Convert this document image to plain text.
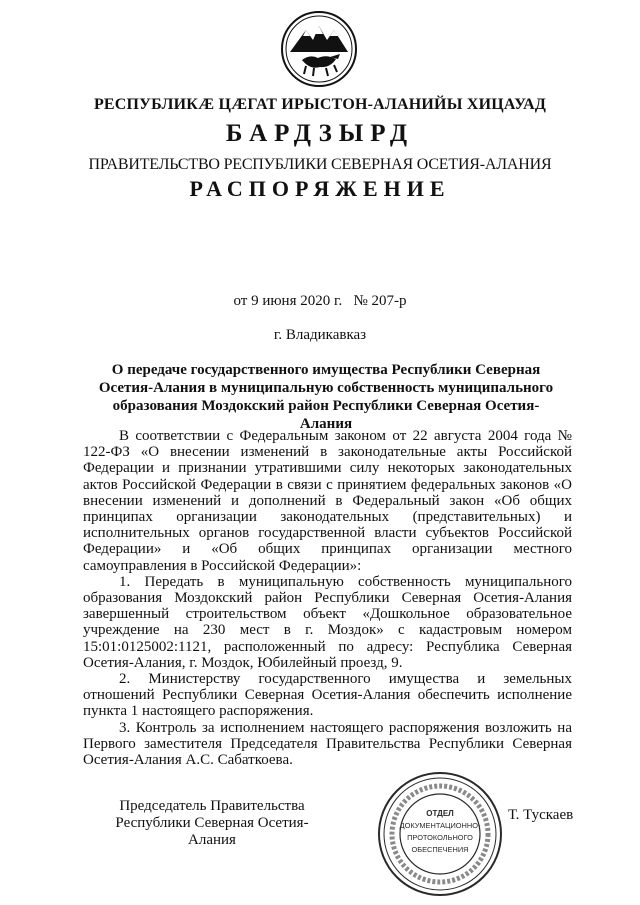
РЕСПУБЛИКӔ ЦӔГАТ ИРЫСТОН-АЛАНИЙЫ ХИЦАУАД
БАРДЗЫРД
ПРАВИТЕЛЬСТВО РЕСПУБЛИКИ СЕВЕРНАЯ ОСЕТИЯ-АЛАНИЯ
РАСПОРЯЖЕНИЕ
от 9 июня 2020 г.   № 207-р
г. Владикавказ
О передаче государственного имущества Республики Северная Осетия-Алания в муниципальную собственность муниципального образования Моздокский район Республики Северная Осетия-Алания

В соответствии с Федеральным законом от 22 августа 2004 года № 122-ФЗ «О внесении изменений в законодательные акты Российской Федерации и признании утратившими силу некоторых законодательных актов Российской Федерации в связи с принятием федеральных законов «О внесении изменений и дополнений в Федеральный закон «Об общих принципах организации законодательных (представительных) и исполнительных органов государственной власти субъектов Российской Федерации» и «Об общих принципах организации местного самоуправления в Российской Федерации»:

1. Передать в муниципальную собственность муниципального образования Моздокский район Республики Северная Осетия-Алания завершенный строительством объект «Дошкольное образовательное учреждение на 230 мест в г. Моздок» с кадастровым номером 15:01:0125002:1121, расположенный по адресу: Республика Северная Осетия-Алания, г. Моздок, Юбилейный проезд, 9.

2. Министерству государственного имущества и земельных отношений Республики Северная Осетия-Алания обеспечить исполнение пункта 1 настоящего распоряжения.

3. Контроль за исполнением настоящего распоряжения возложить на Первого заместителя Председателя Правительства Республики Северная Осетия-Алания А.С. Сабаткоева.

Председатель Правительства
Республики Северная Осетия-Алания
Т. Тускаев
ОТДЕЛ
ДОКУМЕНТАЦИОННО-
ПРОТОКОЛЬНОГО
ОБЕСПЕЧЕНИЯ
